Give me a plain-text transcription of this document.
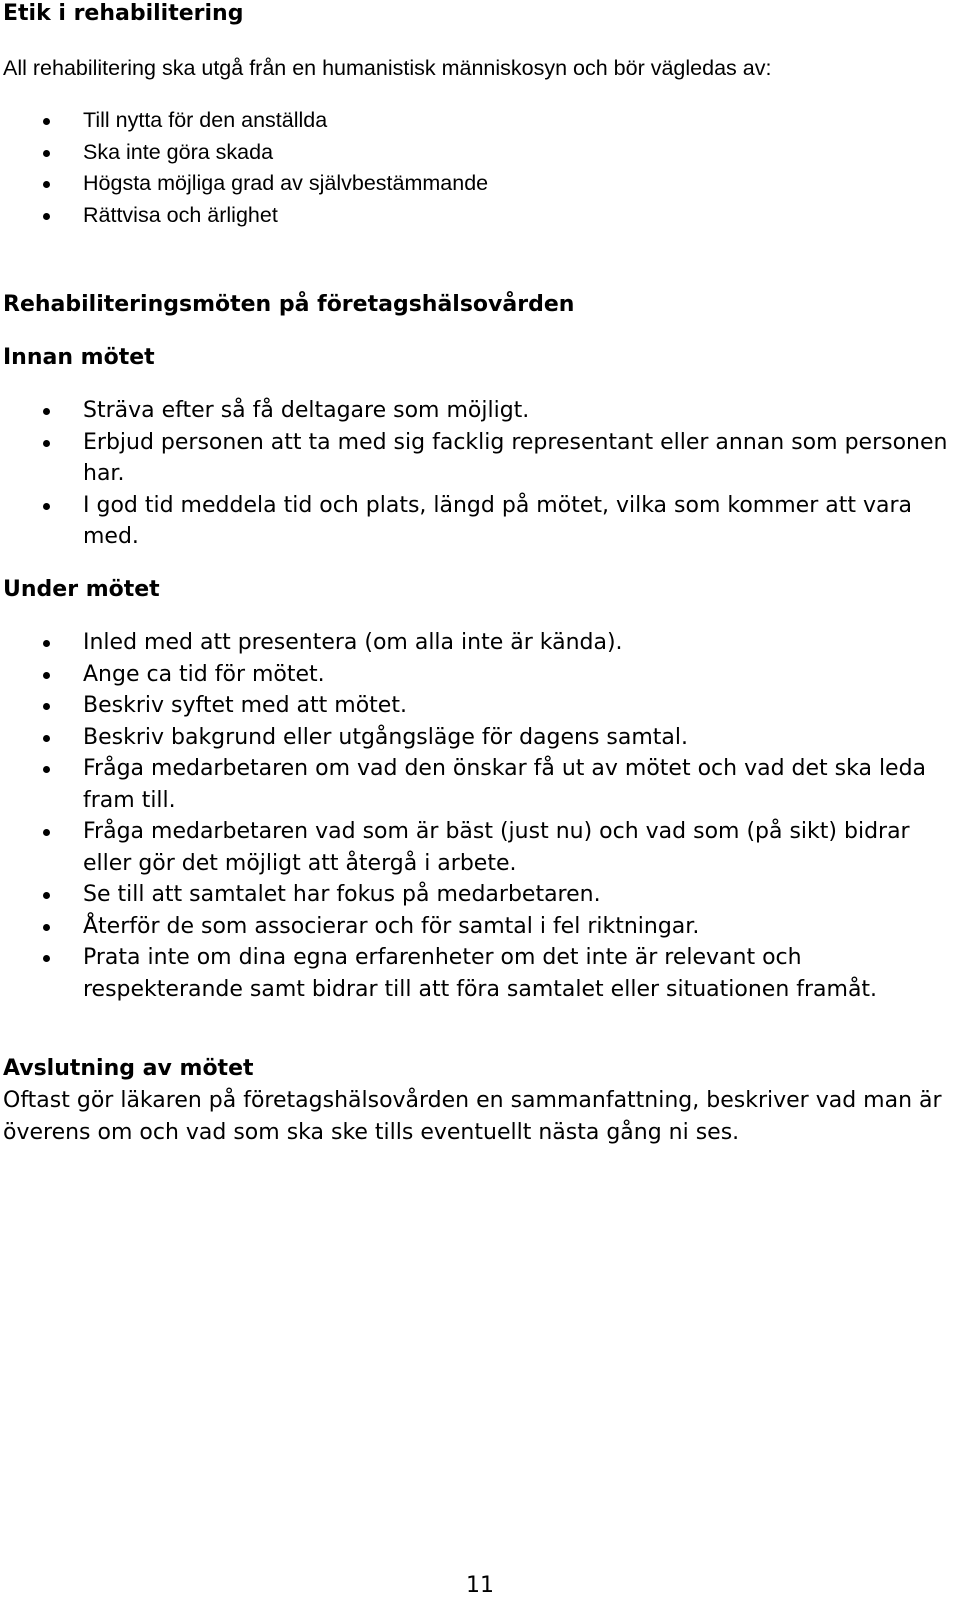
Etik i rehabilitering

All rehabilitering ska utgå från en humanistisk människosyn och bör vägledas av:

Till nytta för den anställda
Ska inte göra skada
Högsta möjliga grad av självbestämmande
Rättvisa och ärlighet
Rehabiliteringsmöten på företagshälsovården
Innan mötet
Sträva efter så få deltagare som möjligt.
Erbjud personen att ta med sig facklig representant eller annan som personen har.
I god tid meddela tid och plats, längd på mötet, vilka som kommer att vara med.
Under mötet
Inled med att presentera (om alla inte är kända).
Ange ca tid för mötet.
Beskriv syftet med att mötet.
Beskriv bakgrund eller utgångsläge för dagens samtal.
Fråga medarbetaren om vad den önskar få ut av mötet och vad det ska leda fram till.
Fråga medarbetaren vad som är bäst (just nu) och vad som (på sikt) bidrar eller gör det möjligt att återgå i arbete.
Se till att samtalet har fokus på medarbetaren.
Återför de som associerar och för samtal i fel riktningar.
Prata inte om dina egna erfarenheter om det inte är relevant och respekterande samt bidrar till att föra samtalet eller situationen framåt.
Avslutning av mötet

Oftast gör läkaren på företagshälsovården en sammanfattning, beskriver vad man är överens om och vad som ska ske tills eventuellt nästa gång ni ses.

11
